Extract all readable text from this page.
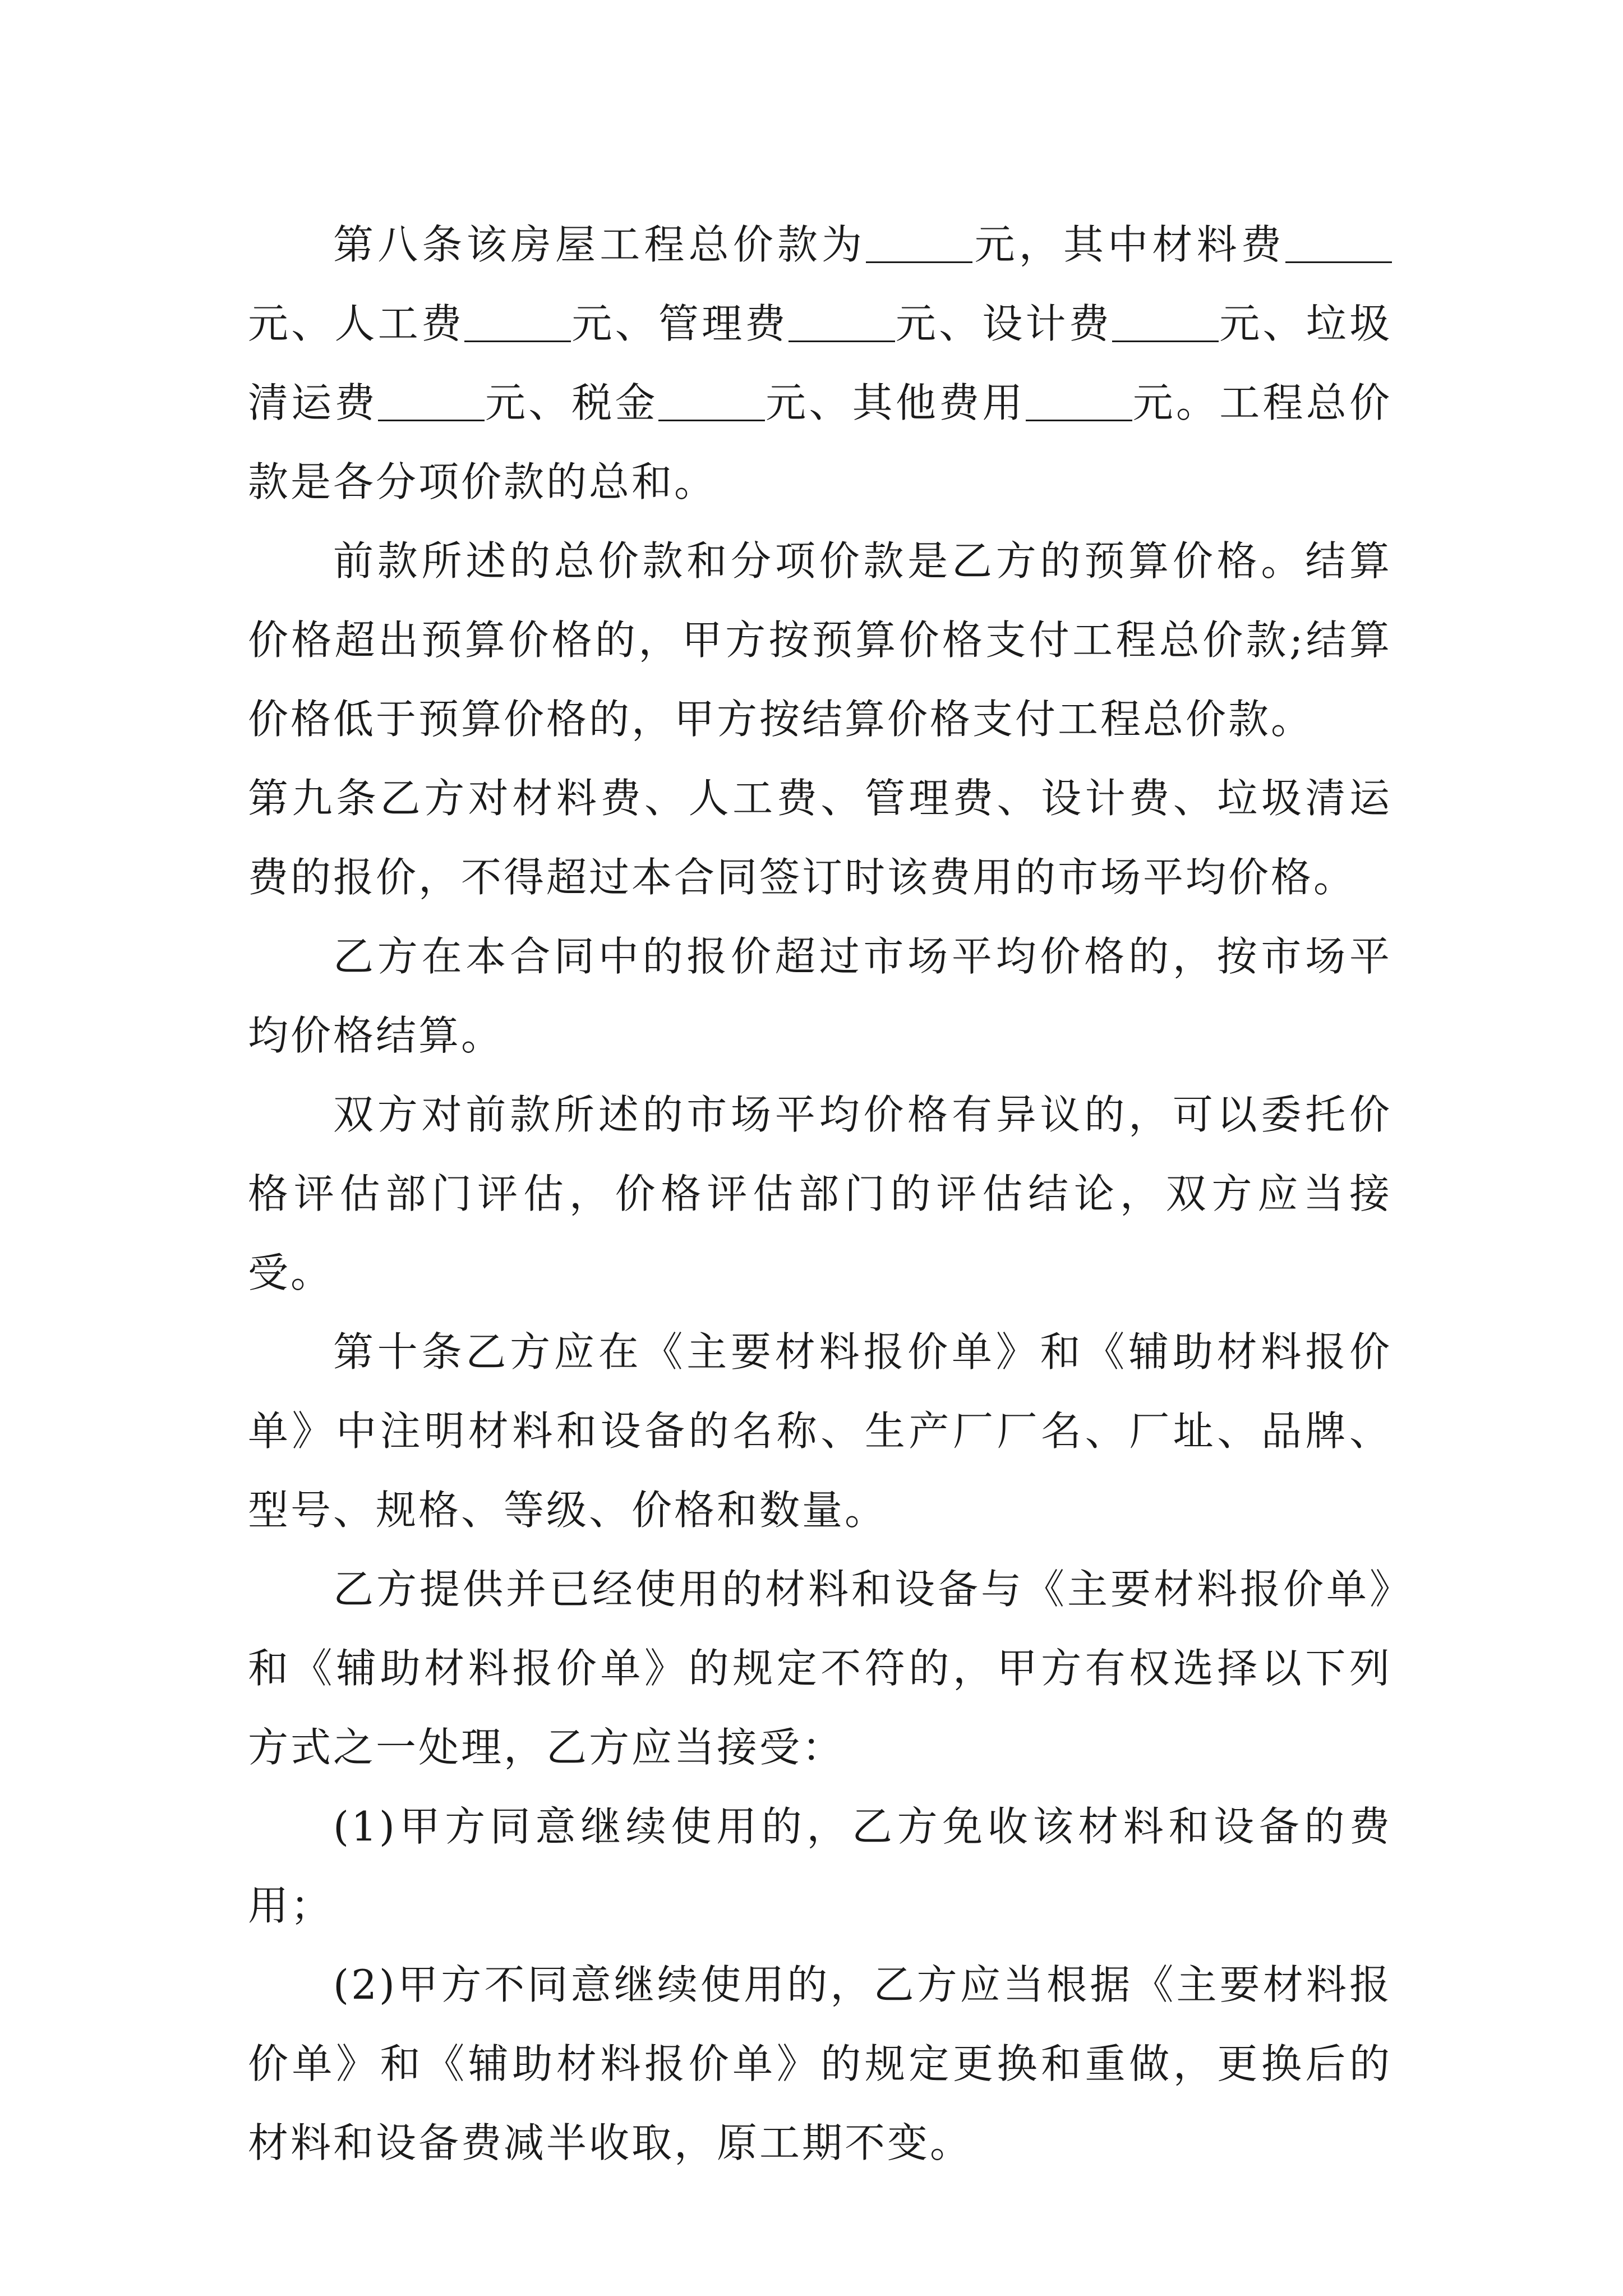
第八条该房屋工程总价款为	元，其中材料费元、人工费	元、管理费	元、设计费	元、垃圾清运费	元、税金	元、其他费用	元。工程总价款是各分项价款的总和。

前款所述的总价款和分项价款是乙方的预算价格。结算价格超出预算价格的，甲方按预算价格支付工程总价款;结算价格低于预算价格的，甲方按结算价格支付工程总价款。

第九条乙方对材料费、人工费、管理费、设计费、垃圾清运费的报价，不得超过本合同签订时该费用的市场平均价格。

乙方在本合同中的报价超过市场平均价格的，按市场平均价格结算。

双方对前款所述的市场平均价格有异议的，可以委托价格评估部门评估，价格评估部门的评估结论，双方应当接受。

第十条乙方应在《主要材料报价单》和《辅助材料报价单》中注明材料和设备的名称、生产厂厂名、厂址、品牌、型号、规格、等级、价格和数量。

乙方提供并已经使用的材料和设备与《主要材料报价单》和《辅助材料报价单》的规定不符的，甲方有权选择以下列方式之一处理，乙方应当接受：

(1)甲方同意继续使用的，乙方免收该材料和设备的费用；

(2)甲方不同意继续使用的，乙方应当根据《主要材料报价单》和《辅助材料报价单》的规定更换和重做，更换后的材料和设备费减半收取，原工期不变。
